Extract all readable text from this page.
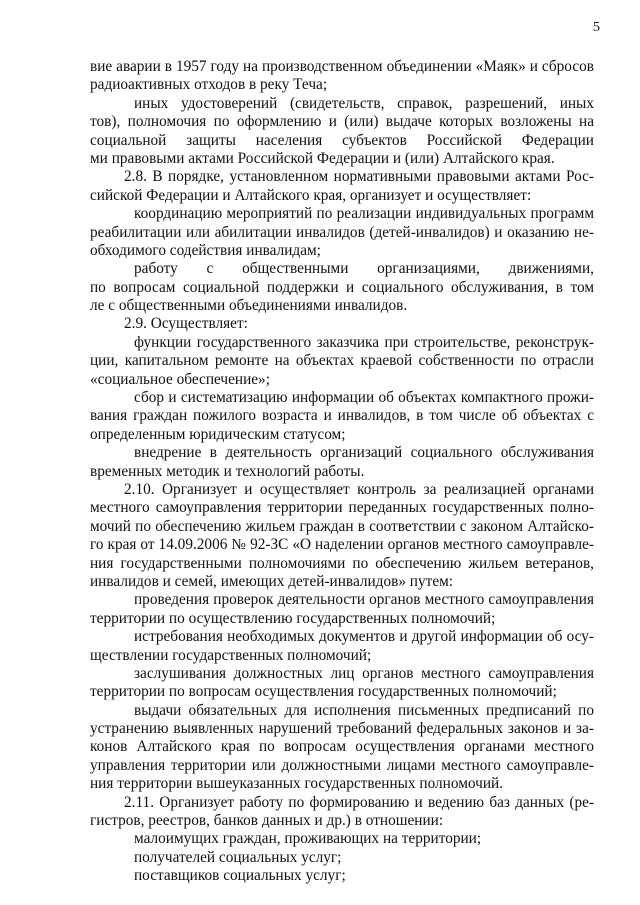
5
вие аварии в 1957 году на производственном объединении «Маяк» и сбросов
радиоактивных отходов в реку Теча;
иных удостоверений (свидетельств, справок, разрешений, иных
тов), полномочия по оформлению и (или) выдаче которых возложены на
социальной защиты населения субъектов Российской Федерации
ми правовыми актами Российской Федерации и (или) Алтайского края.
2.8. В порядке, установленном нормативными правовыми актами Рос-
сийской Федерации и Алтайского края, организует и осуществляет:
координацию мероприятий по реализации индивидуальных программ
реабилитации или абилитации инвалидов (детей-инвалидов) и оказанию не-
обходимого содействия инвалидам;
работу с общественными организациями, движениями,
по вопросам социальной поддержки и социального обслуживания, в том
ле с общественными объединениями инвалидов.
2.9. Осуществляет:
функции государственного заказчика при строительстве, реконструк-
ции, капитальном ремонте на объектах краевой собственности по отрасли
«социальное обеспечение»;
сбор и систематизацию информации об объектах компактного прожи-
вания граждан пожилого возраста и инвалидов, в том числе об объектах с
определенным юридическим статусом;
внедрение в деятельность организаций социального обслуживания
временных методик и технологий работы.
2.10. Организует и осуществляет контроль за реализацией органами
местного самоуправления территории переданных государственных полно-
мочий по обеспечению жильем граждан в соответствии с законом Алтайско-
го края от 14.09.2006 № 92-ЗС «О наделении органов местного самоуправле-
ния государственными полномочиями по обеспечению жильем ветеранов,
инвалидов и семей, имеющих детей-инвалидов» путем:
проведения проверок деятельности органов местного самоуправления
территории по осуществлению государственных полномочий;
истребования необходимых документов и другой информации об осу-
ществлении государственных полномочий;
заслушивания должностных лиц органов местного самоуправления
территории по вопросам осуществления государственных полномочий;
выдачи обязательных для исполнения письменных предписаний по
устранению выявленных нарушений требований федеральных законов и за-
конов Алтайского края по вопросам осуществления органами местного
управления территории или должностными лицами местного самоуправле-
ния территории вышеуказанных государственных полномочий.
2.11. Организует работу по формированию и ведению баз данных (ре-
гистров, реестров, банков данных и др.) в отношении:
малоимущих граждан, проживающих на территории;
получателей социальных услуг;
поставщиков социальных услуг;
